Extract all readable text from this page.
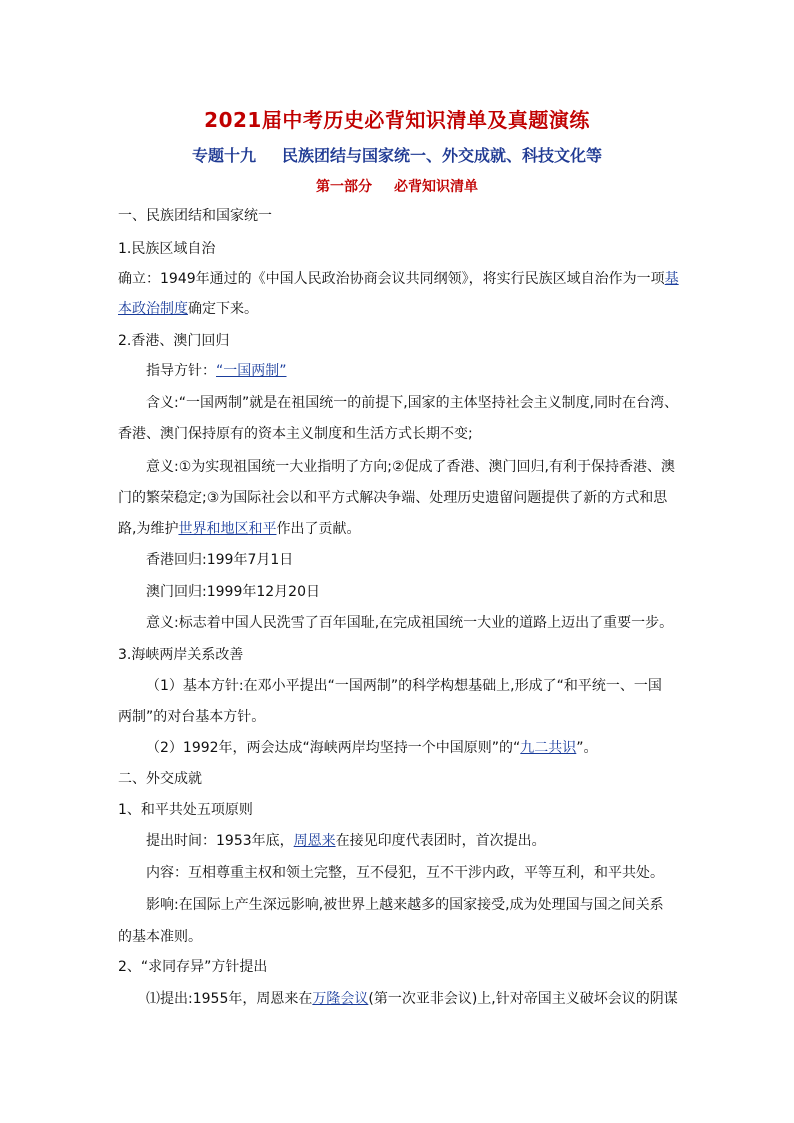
2021届中考历史必背知识清单及真题演练
专题十九 民族团结与国家统一、外交成就、科技文化等
第一部分 必背知识清单
一、民族团结和国家统一
1.民族区域自治
确立：1949年通过的《中国人民政治协商会议共同纲领》，将实行民族区域自治作为一项基
本政治制度确定下来。
2.香港、澳门回归
指导方针：“一国两制”
含义:“一国两制”就是在祖国统一的前提下,国家的主体坚持社会主义制度,同时在台湾、
香港、澳门保持原有的资本主义制度和生活方式长期不变;
意义:①为实现祖国统一大业指明了方向;②促成了香港、澳门回归,有利于保持香港、澳
门的繁荣稳定;③为国际社会以和平方式解决争端、处理历史遗留问题提供了新的方式和思
路,为维护世界和地区和平作出了贡献。
香港回归:199年7月1日
澳门回归:1999年12月20日
意义:标志着中国人民洗雪了百年国耻,在完成祖国统一大业的道路上迈出了重要一步。
3.海峡两岸关系改善
（1）基本方针:在邓小平提出“一国两制”的科学构想基础上,形成了“和平统一、一国
两制”的对台基本方针。
（2）1992年，两会达成“海峡两岸均坚持一个中国原则”的“九二共识”。
二、外交成就
1、和平共处五项原则
提出时间：1953年底，周恩来在接见印度代表团时，首次提出。
内容：互相尊重主权和领土完整，互不侵犯，互不干涉内政，平等互利，和平共处。
影响:在国际上产生深远影响,被世界上越来越多的国家接受,成为处理国与国之间关系
的基本准则。
2、“求同存异”方针提出
⑴提出:1955年，周恩来在万隆会议(第一次亚非会议)上,针对帝国主义破坏会议的阴谋
